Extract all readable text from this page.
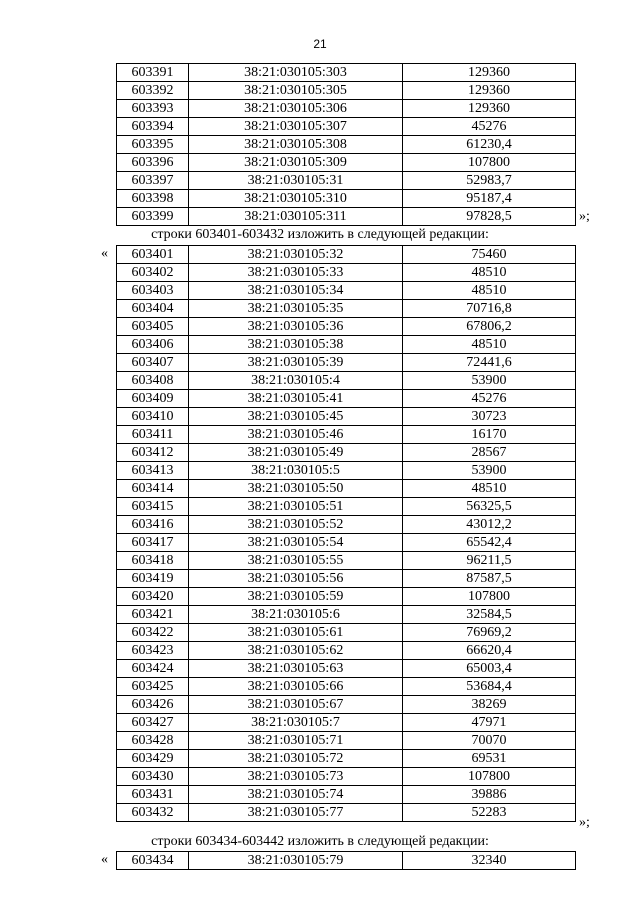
21
603391	38:21:030105:303	129360
603392	38:21:030105:305	129360
603393	38:21:030105:306	129360
603394	38:21:030105:307	45276
603395	38:21:030105:308	61230,4
603396	38:21:030105:309	107800
603397	38:21:030105:31	52983,7
603398	38:21:030105:310	95187,4
603399	38:21:030105:311	97828,5	»;
строки 603401-603432 изложить в следующей редакции:
603401	38:21:030105:32	75460
603402	38:21:030105:33	48510
603403	38:21:030105:34	48510
603404	38:21:030105:35	70716,8
603405	38:21:030105:36	67806,2
603406	38:21:030105:38	48510
603407	38:21:030105:39	72441,6
603408	38:21:030105:4	53900
603409	38:21:030105:41	45276
603410	38:21:030105:45	30723
603411	38:21:030105:46	16170
603412	38:21:030105:49	28567
603413	38:21:030105:5	53900
603414	38:21:030105:50	48510
603415	38:21:030105:51	56325,5
603416	38:21:030105:52	43012,2
603417	38:21:030105:54	65542,4
603418	38:21:030105:55	96211,5
603419	38:21:030105:56	87587,5
603420	38:21:030105:59	107800
603421	38:21:030105:6	32584,5
603422	38:21:030105:61	76969,2
603423	38:21:030105:62	66620,4
603424	38:21:030105:63	65003,4
603425	38:21:030105:66	53684,4
603426	38:21:030105:67	38269
603427	38:21:030105:7	47971
603428	38:21:030105:71	70070
603429	38:21:030105:72	69531
603430	38:21:030105:73	107800
603431	38:21:030105:74	39886
603432	38:21:030105:77	52283
«
»;
строки 603434-603442 изложить в следующей редакции:
603434	38:21:030105:79	32340
«
